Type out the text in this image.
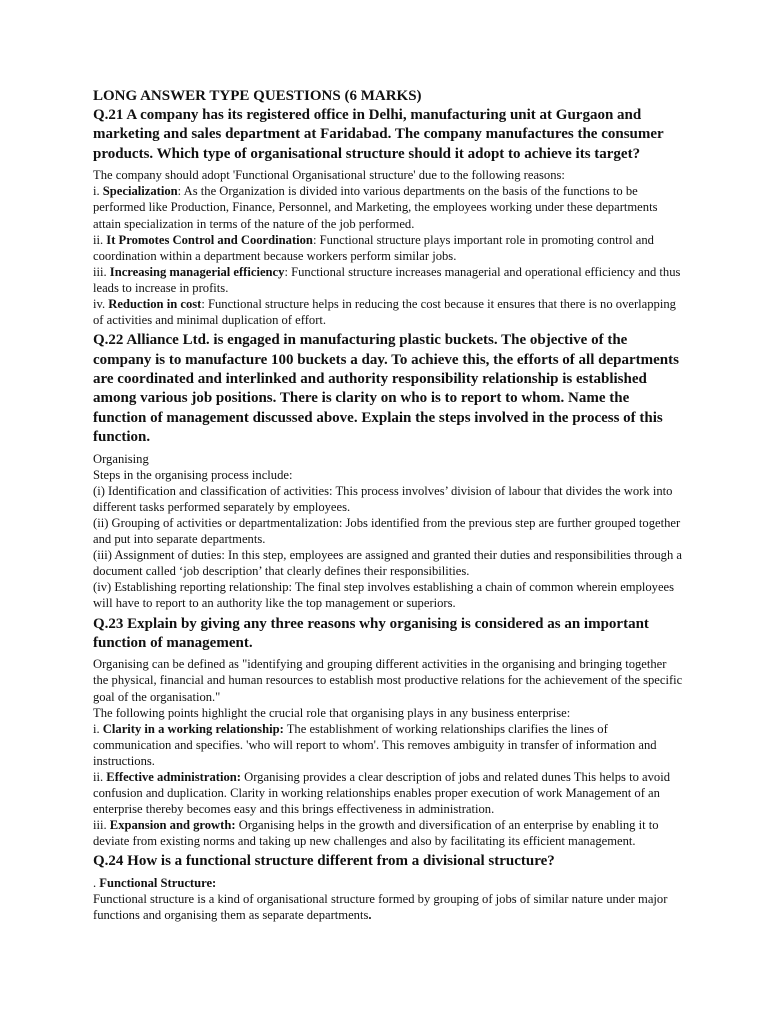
LONG ANSWER TYPE QUESTIONS (6 MARKS)

Q.21 A company has its registered office in Delhi, manufacturing unit at Gurgaon and marketing and sales department at Faridabad. The company manufactures the consumer products. Which type of organisational structure should it adopt to achieve its target?

The company should adopt 'Functional Organisational structure' due to the following reasons:

i. Specialization: As the Organization is divided into various departments on the basis of the functions to be performed like Production, Finance, Personnel, and Marketing, the employees working under these departments attain specialization in terms of the nature of the job performed.

ii. It Promotes Control and Coordination: Functional structure plays important role in promoting control and coordination within a department because workers perform similar jobs.

iii. Increasing managerial efficiency: Functional structure increases managerial and operational efficiency and thus leads to increase in profits.

iv. Reduction in cost: Functional structure helps in reducing the cost because it ensures that there is no overlapping of activities and minimal duplication of effort.

Q.22 Alliance Ltd. is engaged in manufacturing plastic buckets. The objective of the company is to manufacture 100 buckets a day. To achieve this, the efforts of all departments are coordinated and interlinked and authority responsibility relationship is established among various job positions. There is clarity on who is to report to whom. Name the function of management discussed above. Explain the steps involved in the process of this function.

Organising

Steps in the organising process include:

(i) Identification and classification of activities: This process involves’ division of labour that divides the work into different tasks performed separately by employees.

(ii) Grouping of activities or departmentalization: Jobs identified from the previous step are further grouped together and put into separate departments.

(iii) Assignment of duties: In this step, employees are assigned and granted their duties and responsibilities through a document called ‘job description’ that clearly defines their responsibilities.

(iv) Establishing reporting relationship: The final step involves establishing a chain of common wherein employees will have to report to an authority like the top management or superiors.

Q.23 Explain by giving any three reasons why organising is considered as an important function of management.

Organising can be defined as "identifying and grouping different activities in the organising and bringing together the physical, financial and human resources to establish most productive relations for the achievement of the specific goal of the organisation."

The following points highlight the crucial role that organising plays in any business enterprise:

i. Clarity in a working relationship: The establishment of working relationships clarifies the lines of communication and specifies. 'who will report to whom'. This removes ambiguity in transfer of information and instructions.

ii. Effective administration: Organising provides a clear description of jobs and related dunes This helps to avoid confusion and duplication. Clarity in working relationships enables proper execution of work Management of an enterprise thereby becomes easy and this brings effectiveness in administration.

iii. Expansion and growth: Organising helps in the growth and diversification of an enterprise by enabling it to deviate from existing norms and taking up new challenges and also by facilitating its efficient management.

Q.24 How is a functional structure different from a divisional structure?

. Functional Structure:

Functional structure is a kind of organisational structure formed by grouping of jobs of similar nature under major functions and organising them as separate departments.
